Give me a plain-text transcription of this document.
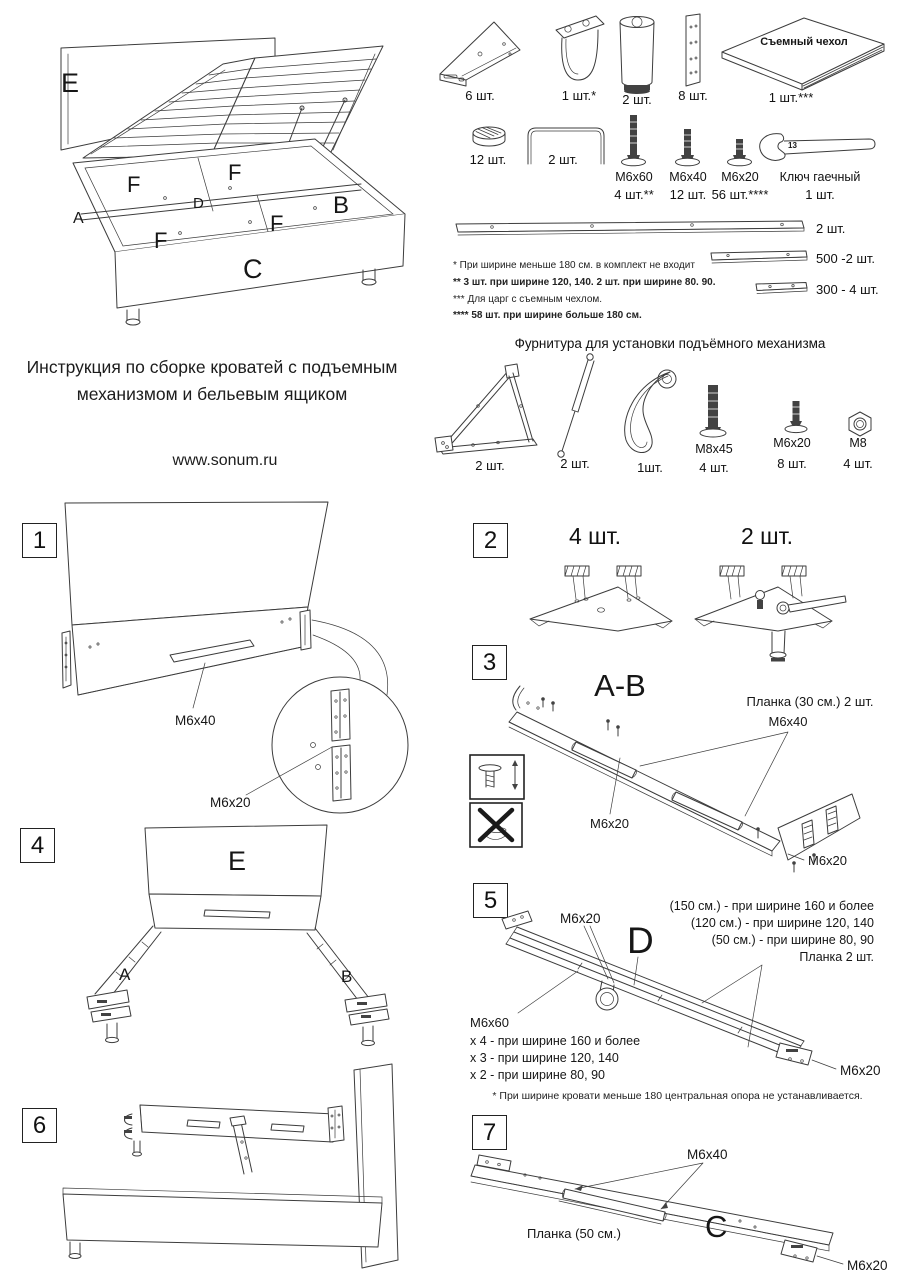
E
F	F
A
D	B
F
F
C
6 шт.	1 шт.*	2 шт.	8 шт.
Съемный чехол
1 шт.***
12 шт.	2 шт.
M6x60
4 шт.**
M6x40
12 шт.
M6x20
56 шт.****
13
Ключ гаечный
1 шт.
2 шт.
500 -2 шт.
300 - 4 шт.
* При ширине меньше 180 см. в комплект не входит
** 3 шт. при ширине 120, 140. 2 шт. при ширине 80. 90.
*** Для царг с съемным чехлом.
**** 58 шт. при ширине больше 180 см.
Инструкция по сборке кроватей с подъемным
механизмом и бельевым ящиком
www.sonum.ru
Фурнитура для установки подъёмного механизма
2 шт.	2 шт.	1шт.
M8x45
4 шт.
M6x20
8 шт.
M8
4 шт.
1
M6x40
M6x20
2	4 шт.	2 шт.
3
A-B	Планка (30 см.) 2 шт.
M6x40
M6x20
M6x20
4
E
A	B
5
D
M6x20
(150 см.) - при ширине 160 и более
(120 см.) - при ширине 120, 140
(50 см.) - при ширине 80, 90
Планка 2 шт.
M6x60
x 4 - при ширине 160 и более
x 3 - при ширине 120, 140
x 2 - при ширине 80, 90	M6x20
* При ширине кровати меньше 180 центральная опора не устанавливается.
6	7
C
M6x40
Планка (50 см.)
M6x20
